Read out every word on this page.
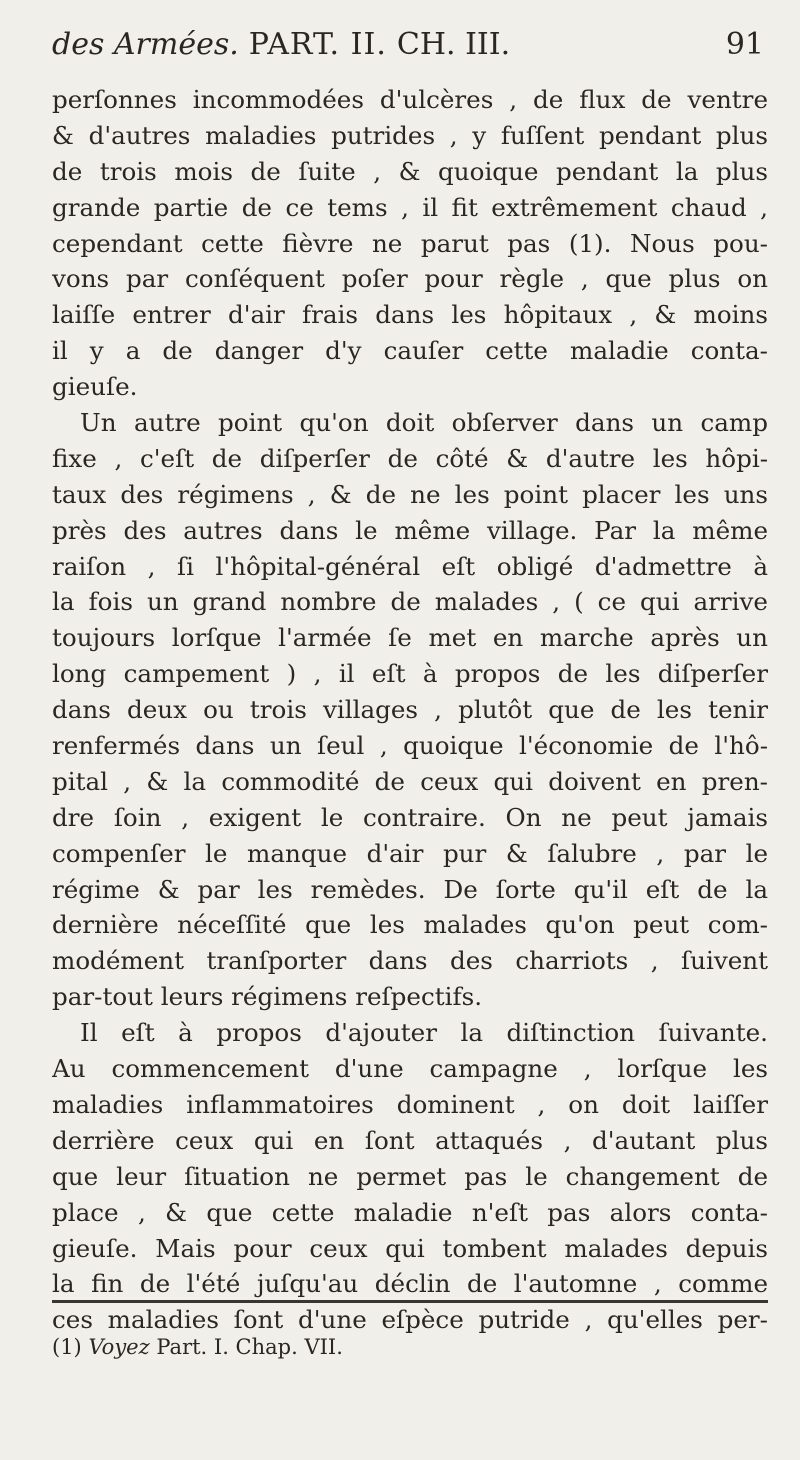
des Armées. PART. II. CH. III.	91
perſonnes incommodées d'ulcères , de flux de ventre
& d'autres maladies putrides , y fuſſent pendant plus
de trois mois de ſuite , & quoique pendant la plus
grande partie de ce tems , il fit extrêmement chaud ,
cependant cette fièvre ne parut pas (1). Nous pou-
vons par conſéquent poſer pour règle , que plus on
laiſſe entrer d'air frais dans les hôpitaux , & moins
il y a de danger d'y cauſer cette maladie conta-
gieuſe.
Un autre point qu'on doit obſerver dans un camp
fixe , c'eſt de diſperſer de côté & d'autre les hôpi-
taux des régimens , & de ne les point placer les uns
près des autres dans le même village. Par la même
raiſon , ſi l'hôpital-général eſt obligé d'admettre à
la fois un grand nombre de malades , ( ce qui arrive
toujours lorſque l'armée ſe met en marche après un
long campement ) , il eſt à propos de les diſperſer
dans deux ou trois villages , plutôt que de les tenir
renfermés dans un ſeul , quoique l'économie de l'hô-
pital , & la commodité de ceux qui doivent en pren-
dre ſoin , exigent le contraire. On ne peut jamais
compenſer le manque d'air pur & ſalubre , par le
régime & par les remèdes. De ſorte qu'il eſt de la
dernière néceſſité que les malades qu'on peut com-
modément tranſporter dans des charriots , ſuivent
par-tout leurs régimens reſpectifs.
Il eſt à propos d'ajouter la diſtinction ſuivante.
Au commencement d'une campagne , lorſque les
maladies inflammatoires dominent , on doit laiſſer
derrière ceux qui en ſont attaqués , d'autant plus
que leur ſituation ne permet pas le changement de
place , & que cette maladie n'eſt pas alors conta-
gieuſe. Mais pour ceux qui tombent malades depuis
la fin de l'été juſqu'au déclin de l'automne , comme
ces maladies ſont d'une eſpèce putride , qu'elles per-
(1) Voyez Part. I. Chap. VII.
